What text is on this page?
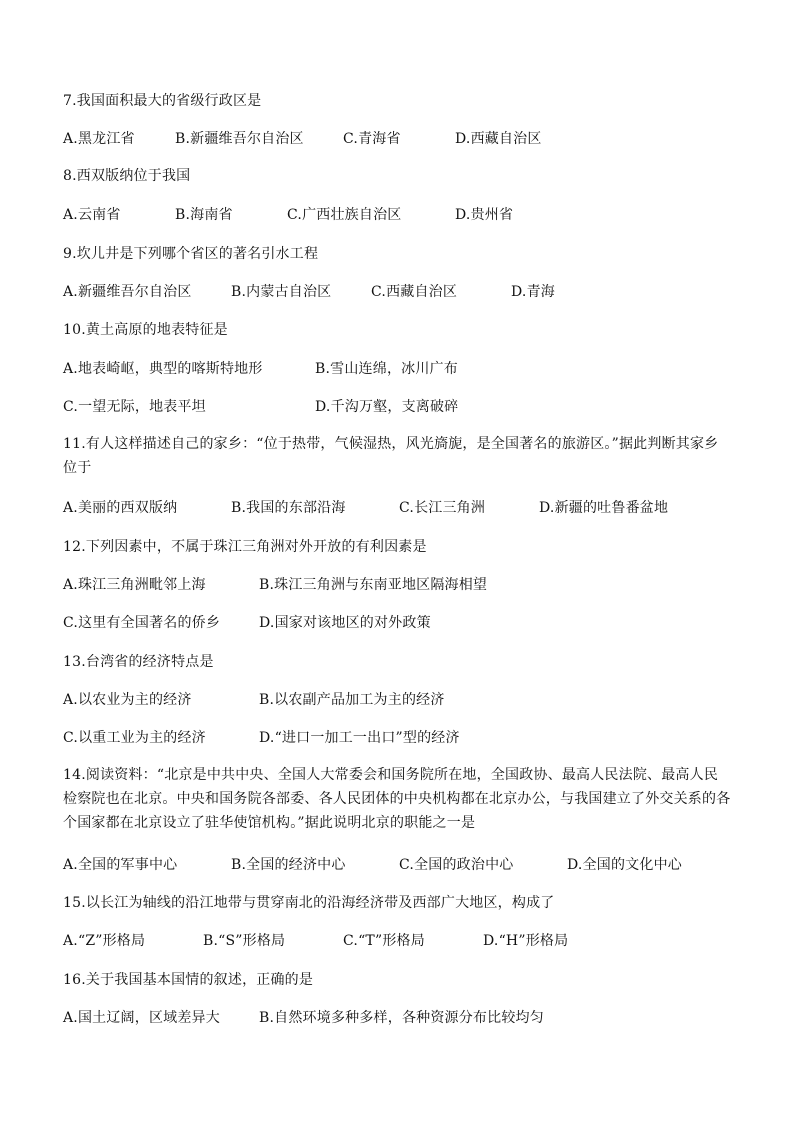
7.我国面积最大的省级行政区是
A.黑龙江省	B.新疆维吾尔自治区	C.青海省	D.西藏自治区
8.西双版纳位于我国
A.云南省	B.海南省	C.广西壮族自治区	D.贵州省
9.坎儿井是下列哪个省区的著名引水工程
A.新疆维吾尔自治区	B.内蒙古自治区	C.西藏自治区	D.青海
10.黄土高原的地表特征是
A.地表崎岖，典型的喀斯特地形	B.雪山连绵，冰川广布
C.一望无际，地表平坦	D.千沟万壑，支离破碎
11.有人这样描述自己的家乡：“位于热带，气候湿热，风光旖旎，是全国著名的旅游区。”据此判断其家乡位于
A.美丽的西双版纳	B.我国的东部沿海	C.长江三角洲	D.新疆的吐鲁番盆地
12.下列因素中，不属于珠江三角洲对外开放的有利因素是
A.珠江三角洲毗邻上海	B.珠江三角洲与东南亚地区隔海相望
C.这里有全国著名的侨乡	D.国家对该地区的对外政策
13.台湾省的经济特点是
A.以农业为主的经济	B.以农副产品加工为主的经济
C.以重工业为主的经济	D.“进口一加工一出口”型的经济
14.阅读资料：“北京是中共中央、全国人大常委会和国务院所在地，全国政协、最高人民法院、最高人民检察院也在北京。中央和国务院各部委、各人民团体的中央机构都在北京办公，与我国建立了外交关系的各个国家都在北京设立了驻华使馆机构。”据此说明北京的职能之一是
A.全国的军事中心	B.全国的经济中心	C.全国的政治中心	D.全国的文化中心
15.以长江为轴线的沿江地带与贯穿南北的沿海经济带及西部广大地区，构成了
A.“Z”形格局	B.“S”形格局	C.“T”形格局	D.“H”形格局
16.关于我国基本国情的叙述，正确的是
A.国土辽阔，区域差异大	B.自然环境多种多样，各种资源分布比较均匀
